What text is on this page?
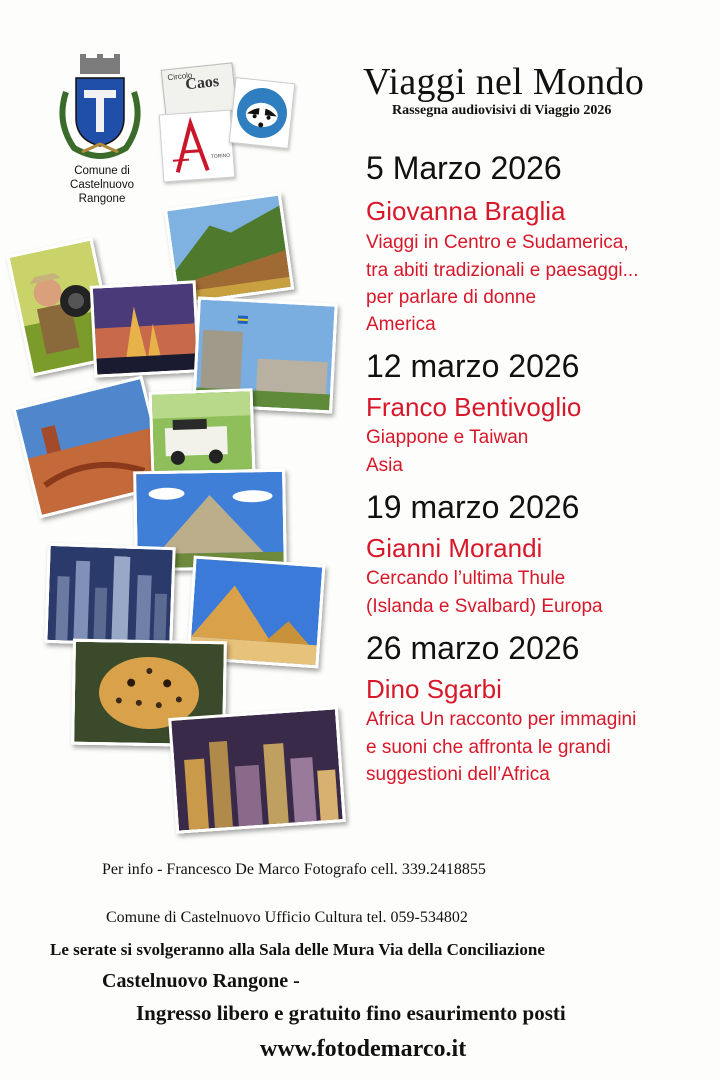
Comune di
Castelnuovo
Rangone
Circolo
Caos
TORINO
Viaggi nel Mondo
Rassegna audiovisivi di Viaggio 2026
5 Marzo 2026
Giovanna Braglia
Viaggi in Centro e Sudamerica,
tra abiti tradizionali e paesaggi...
per parlare di donne
America
12 marzo 2026
Franco Bentivoglio
Giappone e Taiwan
Asia
19 marzo 2026
Gianni Morandi
Cercando l’ultima Thule
(Islanda e Svalbard) Europa
26 marzo 2026
Dino Sgarbi
Africa Un racconto per immagini
e suoni che affronta le grandi
suggestioni dell’Africa
Per info - Francesco De Marco Fotografo cell. 339.2418855
Comune di Castelnuovo Ufficio Cultura tel. 059-534802
Le serate si svolgeranno alla Sala delle Mura Via della Conciliazione
Castelnuovo Rangone -
Ingresso libero e gratuito fino esaurimento posti
www.fotodemarco.it
